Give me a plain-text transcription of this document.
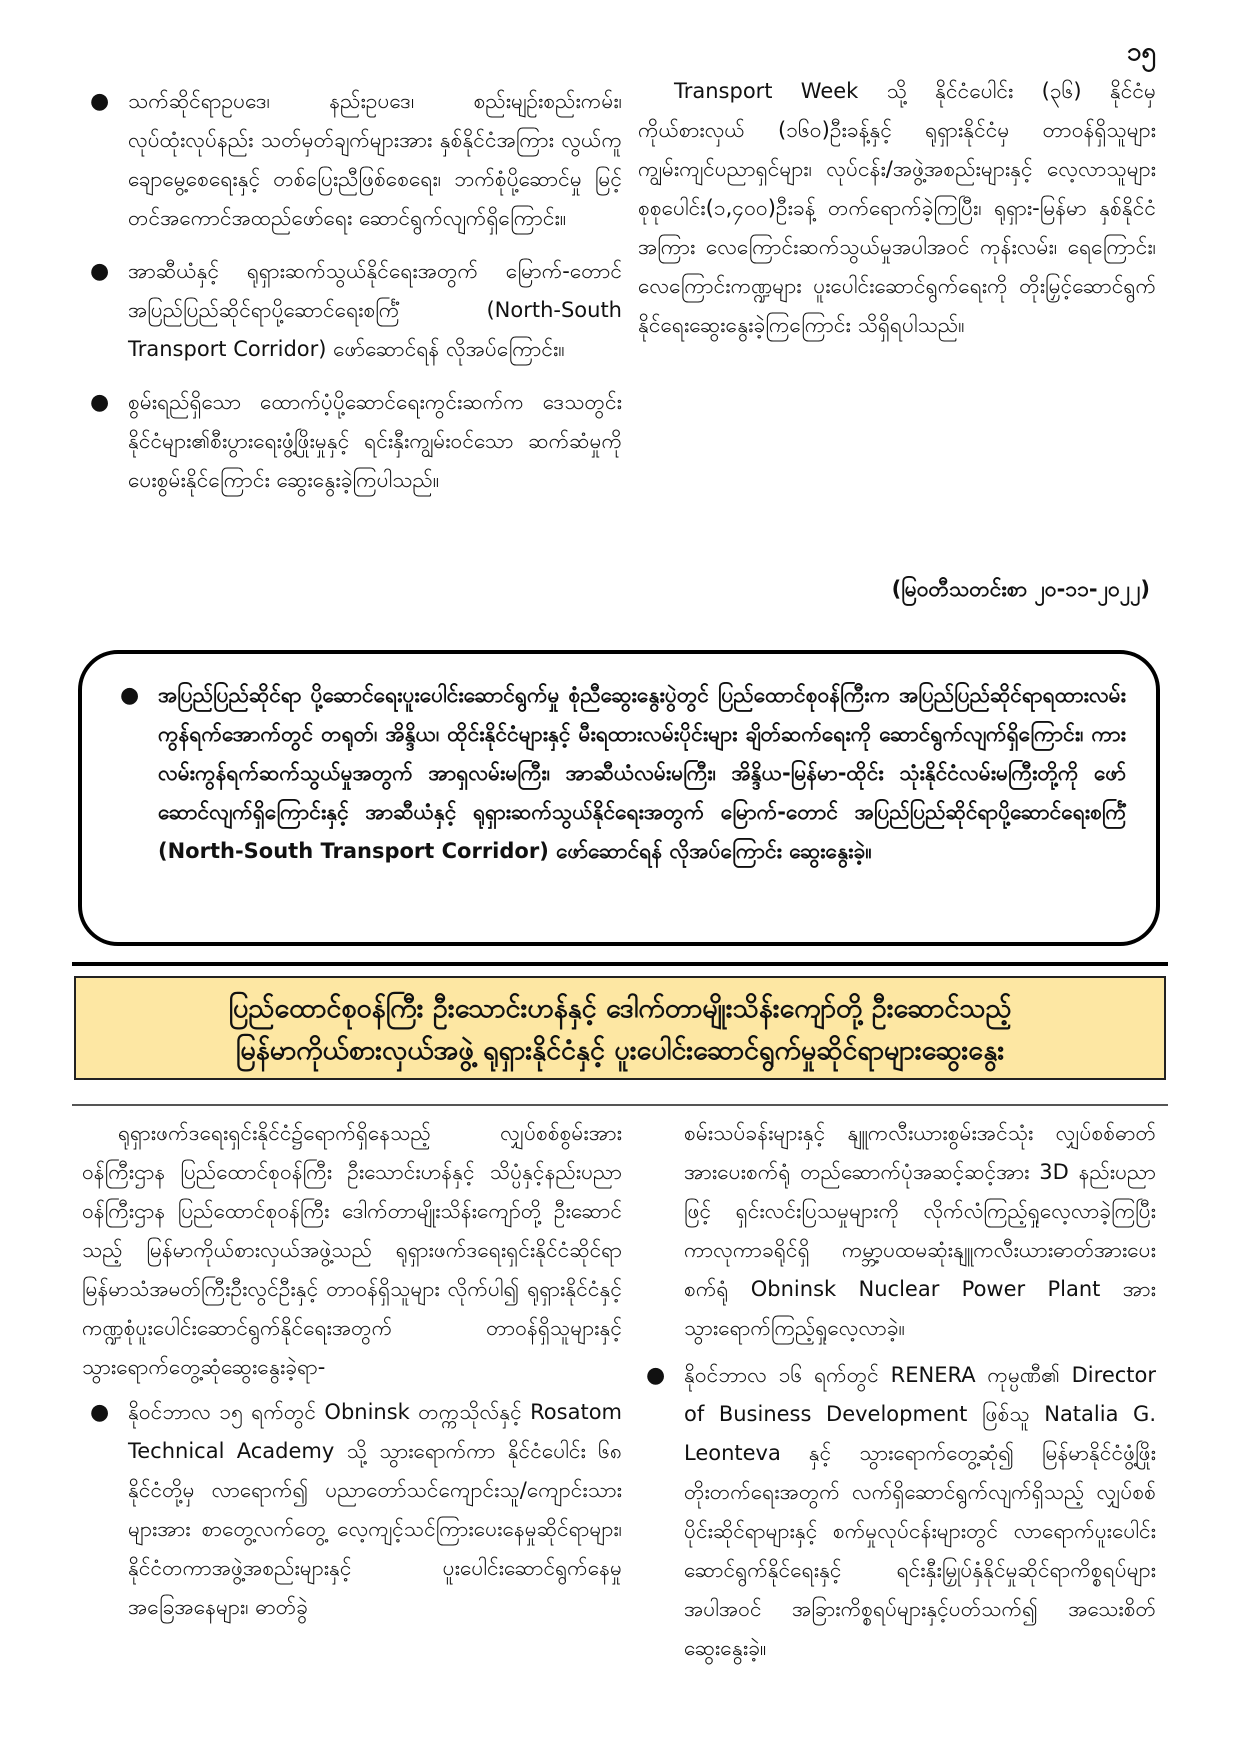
၁၅
● သက်ဆိုင်ရာဥပဒေ၊ နည်းဥပဒေ၊ စည်းမျဉ်းစည်းကမ်း၊ လုပ်ထုံးလုပ်နည်း သတ်မှတ်ချက်များအား နှစ်နိုင်ငံအကြား လွယ်ကူချောမွေ့စေရေးနှင့် တစ်ပြေးညီဖြစ်စေရေး၊ ဘက်စုံပို့ဆောင်မှု မြင့်တင်အကောင်အထည်ဖော်ရေး ဆောင်ရွက်လျက်ရှိကြောင်း။
● အာဆီယံနှင့် ရုရှားဆက်သွယ်နိုင်ရေးအတွက် မြောက်-တောင် အပြည်ပြည်ဆိုင်ရာပို့ဆောင်ရေးစင်္ကြံ (North-South Transport Corridor) ဖော်ဆောင်ရန် လိုအပ်ကြောင်း။
● စွမ်းရည်ရှိသော ထောက်ပံ့ပို့ဆောင်ရေးကွင်းဆက်က ဒေသတွင်းနိုင်ငံများ၏စီးပွားရေးဖွံ့ဖြိုးမှုနှင့် ရင်းနှီးကျွမ်းဝင်သော ဆက်ဆံမှုကို ပေးစွမ်းနိုင်ကြောင်း ဆွေးနွေးခဲ့ကြပါသည်။

Transport Week သို့ နိုင်ငံပေါင်း (၃၆) နိုင်ငံမှ ကိုယ်စားလှယ် (၁၆၀)ဦးခန့်နှင့် ရုရှားနိုင်ငံမှ တာဝန်ရှိသူများ ကျွမ်းကျင်ပညာရှင်များ၊ လုပ်ငန်း/အဖွဲ့အစည်းများနှင့် လေ့လာသူများ စုစုပေါင်း(၁,၄၀၀)ဦးခန့် တက်ရောက်ခဲ့ကြပြီး၊ ရုရှား-မြန်မာ နှစ်နိုင်ငံအကြား လေကြောင်းဆက်သွယ်မှုအပါအဝင် ကုန်းလမ်း၊ ရေကြောင်း၊ လေကြောင်းကဏ္ဍများ ပူးပေါင်းဆောင်ရွက်ရေးကို တိုးမြှင့်ဆောင်ရွက်နိုင်ရေးဆွေးနွေးခဲ့ကြကြောင်း သိရှိရပါသည်။

(မြဝတီသတင်းစာ ၂၀-၁၁-၂၀၂၂)
● အပြည်ပြည်ဆိုင်ရာ ပို့ဆောင်ရေးပူးပေါင်းဆောင်ရွက်မှု စုံညီဆွေးနွေးပွဲတွင် ပြည်ထောင်စုဝန်ကြီးက အပြည်ပြည်ဆိုင်ရာရထားလမ်း ကွန်ရက်အောက်တွင် တရုတ်၊ အိန္ဒိယ၊ ထိုင်းနိုင်ငံများနှင့် မီးရထားလမ်းပိုင်းများ ချိတ်ဆက်ရေးကို ဆောင်ရွက်လျက်ရှိကြောင်း၊ ကားလမ်းကွန်ရက်ဆက်သွယ်မှုအတွက် အာရှလမ်းမကြီး၊ အာဆီယံလမ်းမကြီး၊ အိန္ဒိယ-မြန်မာ-ထိုင်း သုံးနိုင်ငံလမ်းမကြီးတို့ကို ဖော်ဆောင်လျက်ရှိကြောင်းနှင့် အာဆီယံနှင့် ရုရှားဆက်သွယ်နိုင်ရေးအတွက် မြောက်-တောင် အပြည်ပြည်ဆိုင်ရာပို့ဆောင်ရေးစင်္ကြံ (North-South Transport Corridor) ဖော်ဆောင်ရန် လိုအပ်ကြောင်း ဆွေးနွေးခဲ့။
ပြည်ထောင်စုဝန်ကြီး ဦးသောင်းဟန်နှင့် ဒေါက်တာမျိုးသိန်းကျော်တို့ ဦးဆောင်သည့်
မြန်မာကိုယ်စားလှယ်အဖွဲ့ ရုရှားနိုင်ငံနှင့် ပူးပေါင်းဆောင်ရွက်မှုဆိုင်ရာများဆွေးနွေး

ရုရှားဖက်ဒရေးရှင်းနိုင်ငံ၌ရောက်ရှိနေသည့် လျှပ်စစ်စွမ်းအားဝန်ကြီးဌာန ပြည်ထောင်စုဝန်ကြီး ဦးသောင်းဟန်နှင့် သိပ္ပံနှင့်နည်းပညာဝန်ကြီးဌာန ပြည်ထောင်စုဝန်ကြီး ဒေါက်တာမျိုးသိန်းကျော်တို့ ဦးဆောင်သည့် မြန်မာကိုယ်စားလှယ်အဖွဲ့သည် ရုရှားဖက်ဒရေးရှင်းနိုင်ငံဆိုင်ရာ မြန်မာသံအမတ်ကြီးဦးလွင်ဦးနှင့် တာဝန်ရှိသူများ လိုက်ပါ၍ ရုရှားနိုင်ငံနှင့် ကဏ္ဍစုံပူးပေါင်းဆောင်ရွက်နိုင်ရေးအတွက် တာဝန်ရှိသူများနှင့် သွားရောက်တွေ့ဆုံဆွေးနွေးခဲ့ရာ-

● နိုဝင်ဘာလ ၁၅ ရက်တွင် Obninsk တက္ကသိုလ်နှင့် Rosatom Technical Academy သို့ သွားရောက်ကာ နိုင်ငံပေါင်း ၆၈ နိုင်ငံတို့မှ လာရောက်၍ ပညာတော်သင်ကျောင်းသူ/ကျောင်းသားများအား စာတွေ့လက်တွေ့ လေ့ကျင့်သင်ကြားပေးနေမှုဆိုင်ရာများ၊ နိုင်ငံတကာအဖွဲ့အစည်းများနှင့် ပူးပေါင်းဆောင်ရွက်နေမှုအခြေအနေများ၊ ဓာတ်ခွဲ

စမ်းသပ်ခန်းများနှင့် နျူကလီးယားစွမ်းအင်သုံး လျှပ်စစ်ဓာတ်အားပေးစက်ရုံ တည်ဆောက်ပုံအဆင့်ဆင့်အား 3D နည်းပညာဖြင့် ရှင်းလင်းပြသမှုများကို လိုက်လံကြည့်ရှုလေ့လာခဲ့ကြပြီး ကာလုကာခရိုင်ရှိ ကမ္ဘာ့ပထမဆုံးနျူကလီးယားဓာတ်အားပေးစက်ရုံ Obninsk Nuclear Power Plant အား သွားရောက်ကြည့်ရှုလေ့လာခဲ့။

● နိုဝင်ဘာလ ၁၆ ရက်တွင် RENERA ကုမ္ပဏီ၏ Director of Business Development ဖြစ်သူ Natalia G. Leonteva နှင့် သွားရောက်တွေ့ဆုံ၍ မြန်မာနိုင်ငံဖွံ့ဖြိုးတိုးတက်ရေးအတွက် လက်ရှိဆောင်ရွက်လျက်ရှိသည့် လျှပ်စစ်ပိုင်းဆိုင်ရာများနှင့် စက်မှုလုပ်ငန်းများတွင် လာရောက်ပူးပေါင်းဆောင်ရွက်နိုင်ရေးနှင့် ရင်းနှီးမြှုပ်နှံနိုင်မှုဆိုင်ရာကိစ္စရပ်များအပါအဝင် အခြားကိစ္စရပ်များနှင့်ပတ်သက်၍ အသေးစိတ်ဆွေးနွေးခဲ့။
